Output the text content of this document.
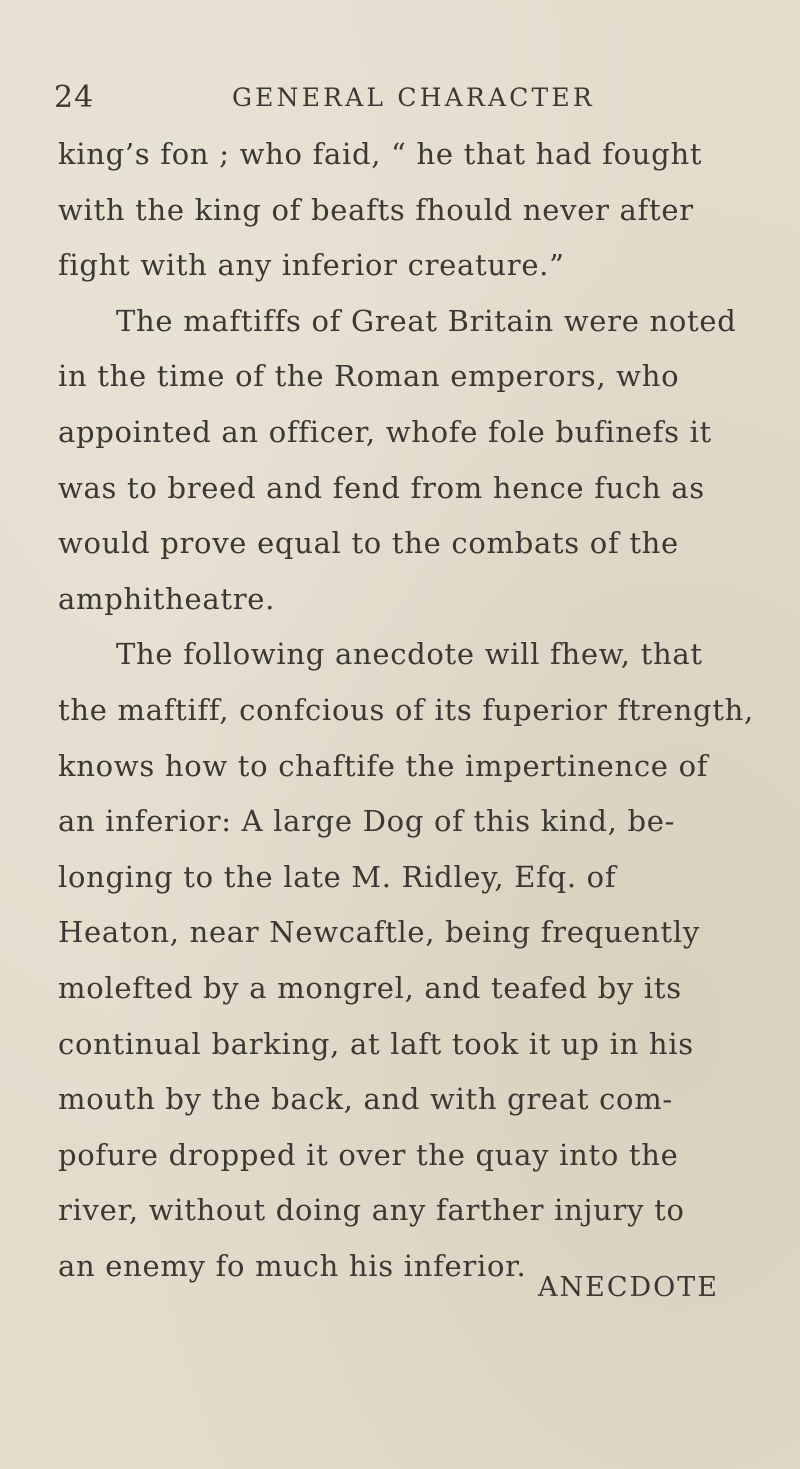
24	GENERAL CHARACTER
king’s fon ; who faid, “ he that had fought
with the king of beafts fhould never after
fight with any inferior creature.”
The maftiffs of Great Britain were noted
in the time of the Roman emperors, who
appointed an officer, whofe fole bufinefs it
was to breed and fend from hence fuch as
would prove equal to the combats of the
amphitheatre.
The following anecdote will fhew, that
the maftiff, confcious of its fuperior ftrength,
knows how to chaftife the impertinence of
an inferior: A large Dog of this kind, be-
longing to the late M. Ridley, Efq. of
Heaton, near Newcaftle, being frequently
molefted by a mongrel, and teafed by its
continual barking, at laft took it up in his
mouth by the back, and with great com-
pofure dropped it over the quay into the
river, without doing any farther injury to
an enemy fo much his inferior.
ANECDOTE
